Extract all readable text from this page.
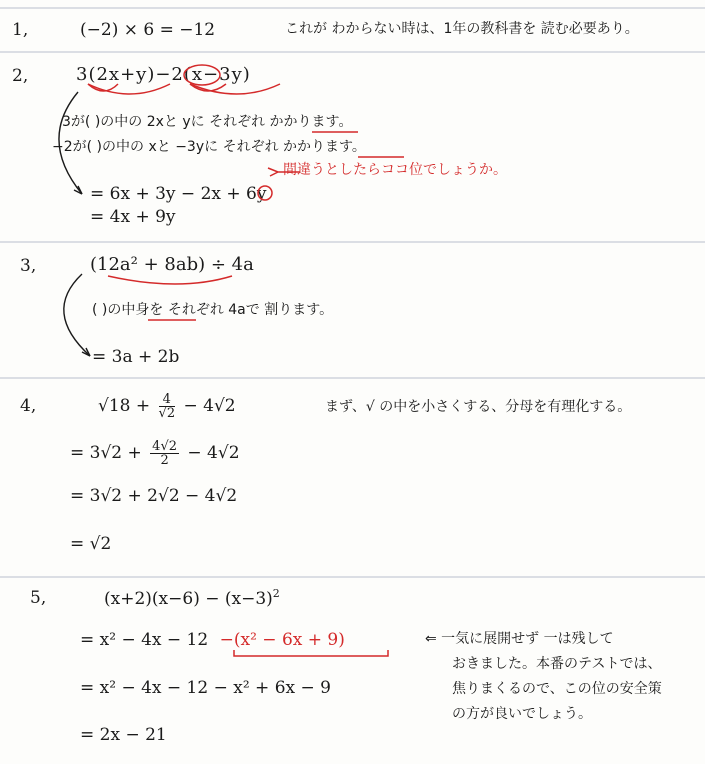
1,	(−2) × 6 = −12	これが わからない時は、1年の教科書を 読む必要あり。
2,	3(2x+y)−2(x−3y)
3が( )の中の 2xと yに それぞれ かかります。
−2が( )の中の xと −3yに それぞれ かかります。
間違うとしたらココ位でしょうか。
= 6x + 3y − 2x + 6y
= 4x + 9y
3,	(12a² + 8ab) ÷ 4a
( )の中身を それぞれ 4aで 割ります。
= 3a + 2b
4,	$√18 + \frac{4}{√2} - 4√2$	まず、√ の中を小さくする、分母を有理化する。
= $3√2 + \frac{4√2}{2} - 4√2$
= 3√2 + 2√2 − 4√2
= √2
5,	$(x+2)(x-6) - (x-3)^2$
= x² − 4x − 12 −(x² − 6x + 9)	⇐ 一気に展開せず 一は残して
おきました。本番のテストでは、
焦りまくるので、この位の安全策
の方が良いでしょう。
= x² − 4x − 12 − x² + 6x − 9
= 2x − 21
